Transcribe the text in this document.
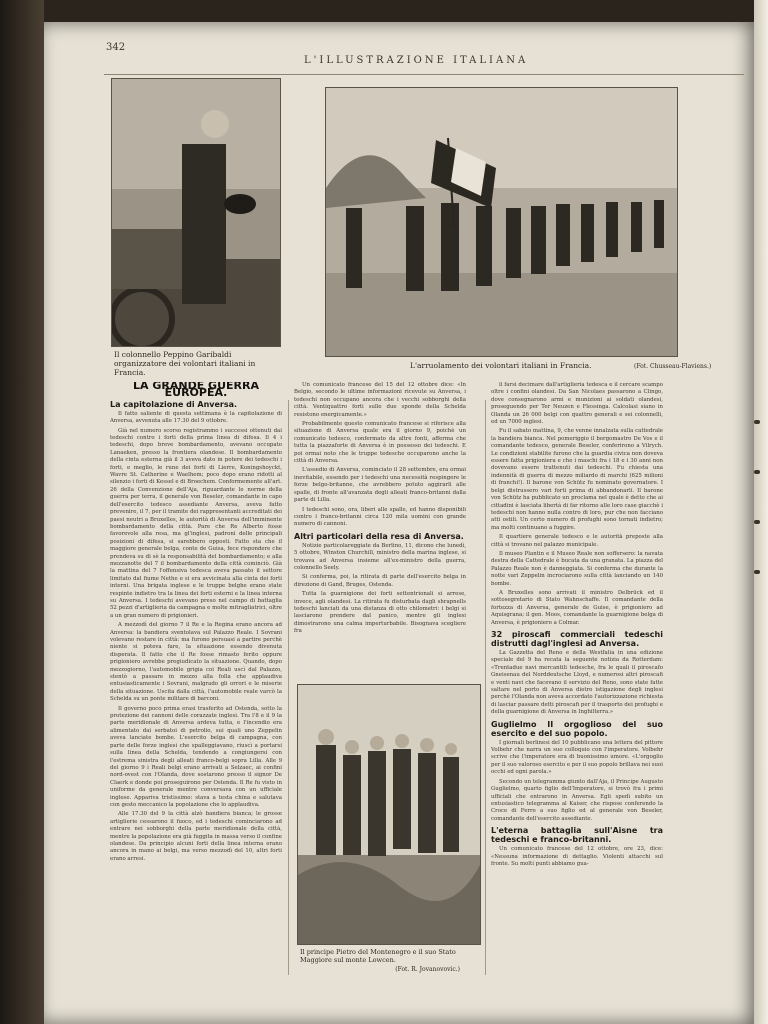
342
L'ILLUSTRAZIONE ITALIANA
Il colonnello Peppino Garibaldi organizzatore dei volontari italiani in Francia.
L'arruolamento dei volontari italiani in Francia.	(Fot. Chusseau-Flaviens.)
LA GRANDE GUERRA EUROPEA.
La capitolazione di Anversa.

Il fatto saliente di questa settimana è la capitolazione di Anversa, avvenuta alle 17.30 del 9 ottobre.

Già nel numero scorso registrammo i successi ottenuti dai tedeschi contro i forti della prima linea di difesa. Il 4 i tedeschi, dopo breve bombardamento, avevano occupato Lanaeken, presso la frontiera olandese. Il bombardamento della cinta esterna già il 3 aveva dato in potere dei tedeschi i forti, e meglio, le rune dei forti di Lierre, Koningshoyckt, Wavre St. Catherine e Waelhem; poco dopo erano ridotti al silenzio i forti di Kessel e di Broechem. Conformemente all'art. 26 della Convenzione dell'Aja, riguardante le norme della guerra per terra, il generale von Beseler, comandante in capo dell'esercito tedesco assediante Anversa, aveva fatto prevenire, il 7, per il tramite dei rappresentanti accreditati dei paesi neutri a Bruxelles, le autorità di Anversa dell'imminente bombardamento della città. Pare che Re Alberto fosse favorevole alla resa, ma gl'inglesi, padroni delle principali posizioni di difesa, si sarebbero opposti. Fatto sta che il maggiore generale belga, conte de Guisa, fece rispondere che prendeva su di sè la responsabilità del bombardamento; e alla mezzanotte del 7 il bombardamento della città cominciò. Già la mattina del 7 l'offensiva tedesca aveva passato il settore limitato dal fiume Nethe e si era avvicinata alla cinta dei forti interni. Una brigata inglese e le truppe belghe erano state respinte indietro tra la linea dei forti esterni e la linea interna su Anversa. I tedeschi avevano preso nel campo di battaglia 52 pezzi d'artiglieria da campagna e molte mitragliatrici, oltre a un gran numero di prigionieri.

A mezzodì del giorno 7 il Re e la Regina erano ancora ad Anversa: la bandiera sventolava sul Palazzo Reale. I Sovrani volevano restare in città: ma furono persuasi a partire perchè niente si poteva fare, la situazione essendo divenuta disperata. Il fatto che il Re fosse rimasto ferito oppure prigioniero avrebbe pregiudicato la situazione. Quando, dopo mezzogiorno, l'automobile grigia coi Reali uscì dal Palazzo, stentò a passare in mezzo alla folla che applaudiva entusiasticamente i Sovrani, malgrado gli orrori e le miserie della situazione. Uscita dalla città, l'automobile reale varcò la Schelda su un ponte militare di barconi.

Il governo poco prima erasi trasferito ad Ostenda, sotto la protezione dei cannoni delle corazzate inglesi. Tra l'8 e il 9 la parte meridionale di Anversa ardeva tutta, e l'incendio era alimentato dai serbatoi di petrolio, sui quali uno Zeppelin aveva lanciate bombe. L'esercito belga di campagna, con parte delle forze inglesi che spalleggiavano, riuscì a portarsi sulla linea della Schelda, tendendo a congiungersi con l'estrema sinistra degli alleati franco-belgi sopra Lilla. Alle 9 del giorno 9 i Reali belgi erano arrivati a Selzaec, ai confini nord-ovest con l'Olanda, dove sostarono presso il signor De Claerk e donde poi proseguirono per Ostenda. Il Re fu visto in uniforme da generale mentre conversava con un ufficiale inglese. Appariva tristissimo: stava a testa china e salutava con gesto meccanico la popolazione che lo applaudiva.

Alle 17.30 del 9 la città alzò bandiera bianca; le grosse artiglierie cessarono il fuoco, ed i tedeschi cominciarono ad entrare nei sobborghi della parte meridionale della città, mentre la popolazione era già fuggita in massa verso il confine olandese. Da principio alcuni forti della linea interna erano ancora in mano ai belgi, ma verso mezzodì del 10, altri forti erano arresi.

Un comunicato francese del 15 del 12 ottobre dice: «In Belgio, secondo le ultime informazioni ricevute su Anversa, i tedeschi non occupano ancora che i vecchi sobborghi della città. Ventiquattro forti sulle due sponde della Schelda resistono energicamente.»

Probabilmente questo comunicato francese si riferisce alla situazione di Anversa quale era il giorno 9, poichè un comunicato tedesco, confermato da altre fonti, afferma che tutta la piazzaforte di Anversa è in possesso dei tedeschi. E poi ormai noto che le truppe tedesche occuparono anche la città di Anversa.

L'assedio di Anversa, cominciato il 28 settembre, era ormai inevitabile, essendo per i tedeschi una necessità respingere le forze belgo-britanne, che avrebbero potuto aggirarli alle spalle, di fronte all'avanzata degli alleati franco-britanni dalla parte di Lilla.

I tedeschi sono, ora, liberi alle spalle, ed hanno disponibili contro i franco-britanni circa 120 mila uomini con grande numero di cannoni.

Altri particolari della resa di Anversa.

Notizie particolareggiate da Berlino, 11, dicono che lunedì, 5 ottobre, Winston Churchill, ministro della marina inglese, si trovava ad Anversa insieme all'ex-ministro della guerra, colonnello Seely.

Si conferma, poi, la ritirata di parte dell'esercito belga in direzione di Gand, Bruges, Ostenda.

Tutta la guarnigione dei forti settentrionali si arrese, invece, agli olandesi. La ritirata fu disturbata dagli shrapnells tedeschi lanciati da una distanza di otto chilometri: i belgi si lasciarono prendere dal panico, mentre gli inglesi dimostrarono una calma imperturbabile. Bisognava scegliere fra

Il principe Pietro del Montenegro e il suo Stato Maggiore sul monte Lowcen.
(Fot. R. Jovanovovic.)

il farsi decimare dall'artiglieria tedesca e il cercare scampo oltre i confini olandesi. Da San Nicolaes passarono a Clingo, dove consegnarono armi e munizioni ai soldati olandesi, proseguendo per Ter Neuzen e Flessinga. Calcolasi siano in Olanda un 26 000 belgi con quattro generali e sei colonnelli, ed un 7000 inglesi.

Fu il sabato mattina, 9, che venne innalzata sulla cattedrale la bandiera bianca. Nel pomeriggio il borgomastro De Vos e il comandante tedesco, generale Beseler, conferirono a Vilrych. Le condizioni stabilite furono che la guardia civica non doveva essere fatta prigioniera e che i maschi fra i 18 e i 30 anni non dovevano essere trattenuti dai tedeschi. Fu chiesta una indennità di guerra di mezzo miliardo di marchi (625 milioni di franchi!). Il barone von Schütz fu nominato governatore. I belgi distrussero vari forti prima di abbandonarli. Il barone von Schütz ha pubblicato un proclama nel quale è detto che ai cittadini è lasciata libertà di far ritorno alle loro case giacchè i tedeschi non hanno nulla contro di loro, pur che non facciano atti ostili. Un certo numero di profughi sono tornati indietro; ma molti continuano a fuggire.

Il quartiere generale tedesco e le autorità preposte alla città si trovano nel palazzo municipale.

Il museo Plantin e il Museo Reale non soffersero: la navata destra della Cattedrale è bucata da una granata. La piazza del Palazzo Reale non è danneggiata. Si conferma che durante la notte vari Zeppelin incrociarono sulla città lanciando un 140 bombe.

A Bruxelles sono arrivati il ministro Delbrück ed il sottosegretario di Stato Wahnschaffe. Il comandante della fortezza di Anversa, generale de Guise, è prigioniero ad Aquisgrana; il gen. Moos, comandante la guarnigione belga di Anversa, è prigioniero a Colmar.

32 piroscafi commerciali tedeschi distrutti dagl'inglesi ad Anversa.

La Gazzetta del Reno e della Westfalia in una edizione speciale del 9 ha recata la seguente notizia da Rotterdam: «Trentadue navi mercantili tedesche, fra le quali il piroscafo Gneisenau del Norddeutsche Lloyd, e numerosi altri piroscafi e venti navi che facevano il servizio del Reno, sono state fatte saltare nel porto di Anversa dietro istigazione degli inglesi perchè l'Olanda non aveva accordato l'autorizzazione richiesta di lasciar passare detti piroscafi per il trasporto dei profughi e della guarnigione di Anversa in Inghilterra.»

Guglielmo II orgoglioso del suo esercito e del suo popolo.

I giornali berlinesi del 10 pubblicano una lettera del pittore Volbehr che narra un suo colloquio con l'imperatore. Volbehr scrive che l'imperatore era di buonissimo umore. «L'orgoglio per il suo valoroso esercito e per il suo popolo brillava nei suoi occhi ed ogni parola.»

Secondo un telegramma giunto dall'Aja, il Principe Augusto Guglielmo, quarto figlio dell'Imperatore, si trovò fra i primi ufficiali che entrarono in Anversa. Egli spedì subito un entusiastico telegramma al Kaiser, che rispose conferendo la Croce di Ferro a suo figlio ed al generale von Beseler, comandante dell'esercito assediante.

L'eterna battaglia sull'Aisne tra tedeschi e franco-britanni.

Un comunicato francese del 12 ottobre, ore 23, dice: «Nessuna informazione di dettaglio. Violenti attacchi sul fronte. Su molti punti abbiamo gua-
